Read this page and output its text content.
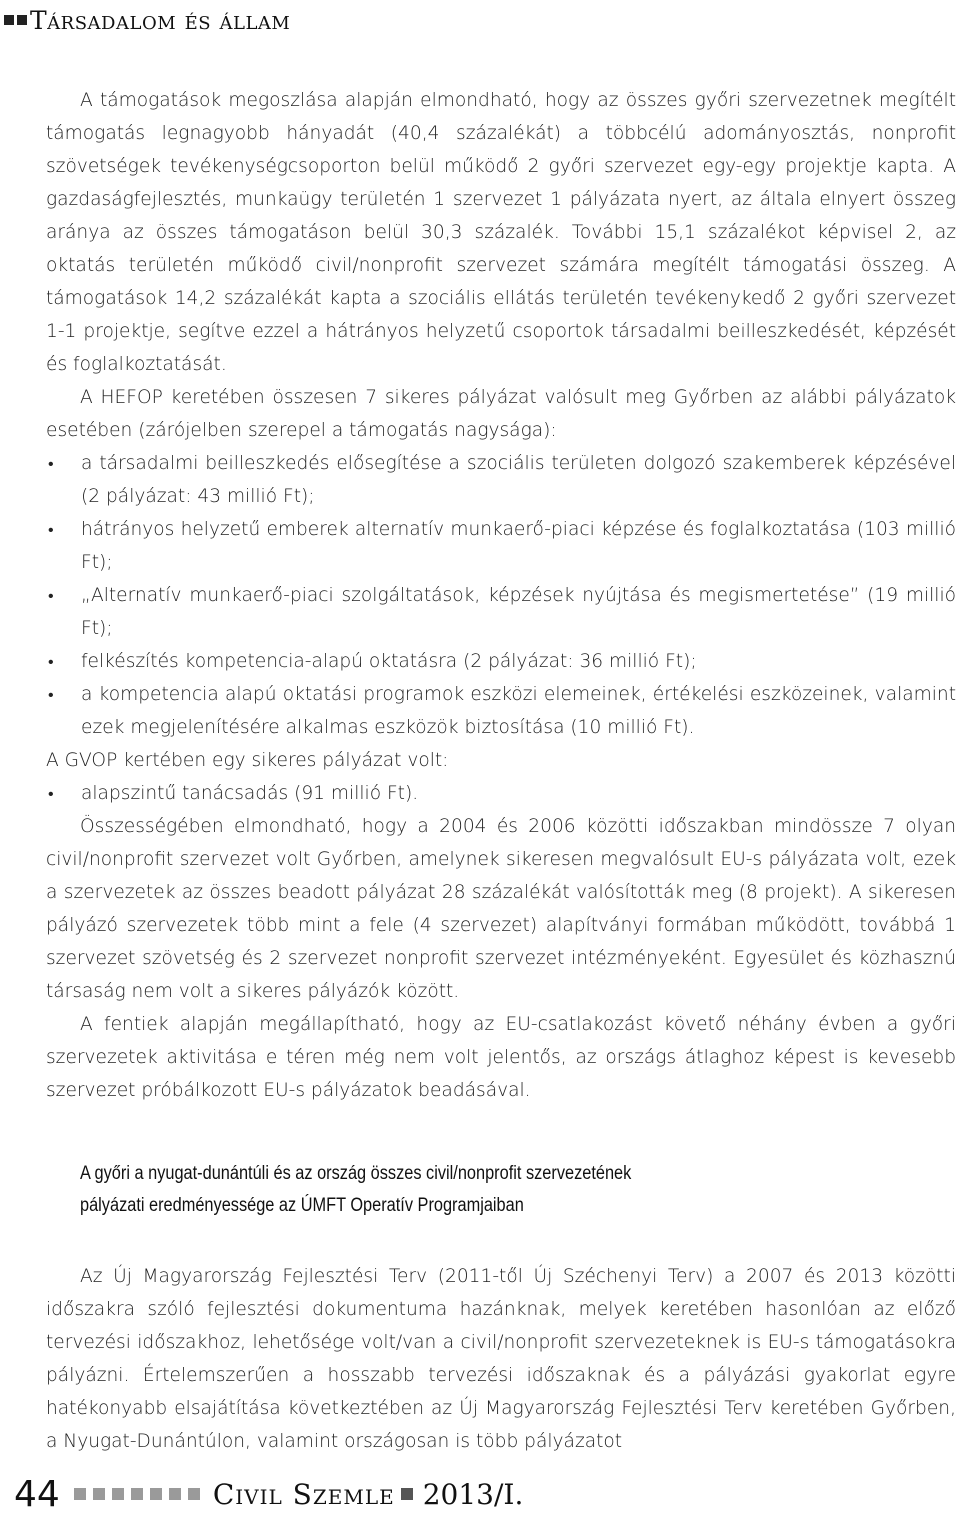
Társadalom és állam

A támogatások megoszlása alapján elmondható, hogy az összes győri szervezetnek megítélt támogatás legnagyobb hányadát (40,4 százalékát) a többcélú adományosztás, nonprofit szövetségek tevékenységcsoporton belül működő 2 győri szervezet egy-egy projektje kapta. A gazdaságfejlesztés, munkaügy területén 1 szervezet 1 pályázata nyert, az általa elnyert összeg aránya az összes támogatáson belül 30,3 százalék. További 15,1 százalékot képvisel 2, az oktatás területén működő civil/nonprofit szervezet számára megítélt támogatási összeg. A támogatások 14,2 százalékát kapta a szociális ellátás területén tevékenykedő 2 győri szervezet 1-1 projektje, segítve ezzel a hátrányos helyzetű csoportok társadalmi beilleszkedését, képzését és foglalkoztatását.

A HEFOP keretében összesen 7 sikeres pályázat valósult meg Győrben az alábbi pályázatok esetében (zárójelben szerepel a támogatás nagysága):

• a társadalmi beilleszkedés elősegítése a szociális területen dolgozó szakemberek képzésével (2 pályázat: 43 millió Ft);
• hátrányos helyzetű emberek alternatív munkaerő-piaci képzése és foglalkoztatása (103 millió Ft);
• „Alternatív munkaerő-piaci szolgáltatások, képzések nyújtása és megismertetése” (19 millió Ft);
• felkészítés kompetencia-alapú oktatásra (2 pályázat: 36 millió Ft);
• a kompetencia alapú oktatási programok eszközi elemeinek, értékelési eszközeinek, valamint ezek megjelenítésére alkalmas eszközök biztosítása (10 millió Ft).

A GVOP kertében egy sikeres pályázat volt:

• alapszintű tanácsadás (91 millió Ft).

Összességében elmondható, hogy a 2004 és 2006 közötti időszakban mindössze 7 olyan civil/nonprofit szervezet volt Győrben, amelynek sikeresen megvalósult EU-s pályázata volt, ezek a szervezetek az összes beadott pályázat 28 százalékát valósították meg (8 projekt). A sikeresen pályázó szervezetek több mint a fele (4 szervezet) alapítványi formában működött, továbbá 1 szervezet szövetség és 2 szervezet nonprofit szervezet intézményeként. Egyesület és közhasznú társaság nem volt a sikeres pályázók között.

A fentiek alapján megállapítható, hogy az EU-csatlakozást követő néhány évben a győri szervezetek aktivitása e téren még nem volt jelentős, az országs átlaghoz képest is kevesebb szervezet próbálkozott EU-s pályázatok beadásával.

A győri a nyugat-dunántúli és az ország összes civil/nonprofit szervezetének
pályázati eredményessége az ÚMFT Operatív Programjaiban

Az Új Magyarország Fejlesztési Terv (2011-től Új Széchenyi Terv) a 2007 és 2013 közötti időszakra szóló fejlesztési dokumentuma hazánknak, melyek keretében hasonlóan az előző tervezési időszakhoz, lehetősége volt/van a civil/nonprofit szervezeteknek is EU-s támogatásokra pályázni. Értelemszerűen a hosszabb tervezési időszaknak és a pályázási gyakorlat egyre hatékonyabb elsajátítása következtében az Új Magyarország Fejlesztési Terv keretében Győrben, a Nyugat-Dunántúlon, valamint országosan is több pályázatot

44	Civil Szemle 2013/I.
